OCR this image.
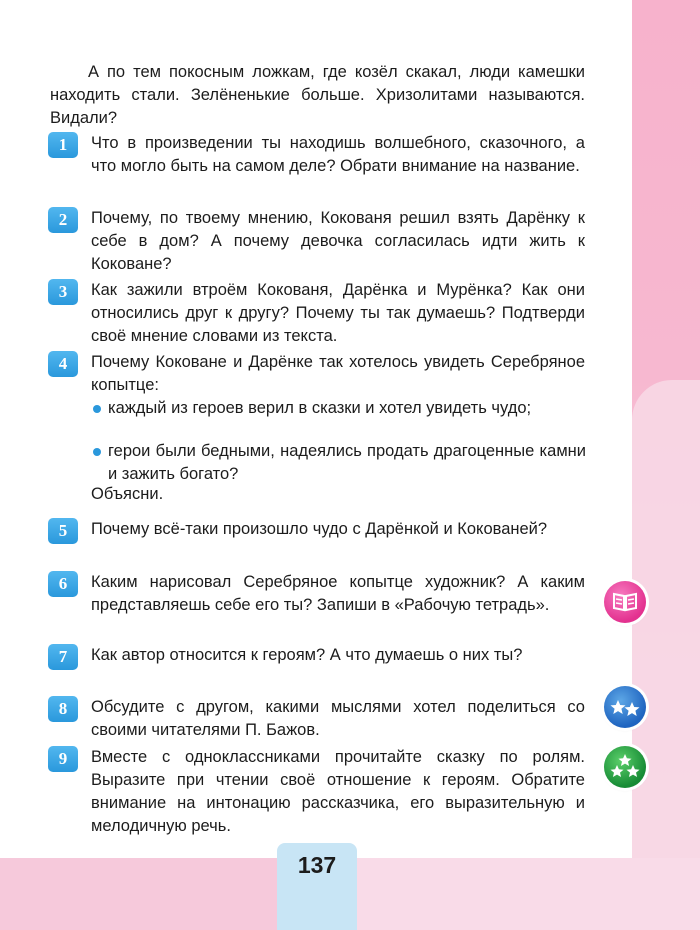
А по тем покосным ложкам, где козёл скакал, люди камешки находить стали. Зелёненькие больше. Хризолитами называются. Видали?
1	Что в произведении ты находишь волшебного, сказочного, а что могло быть на самом деле? Обрати внимание на название.
2	Почему, по твоему мнению, Кокованя решил взять Дарёнку к себе в дом? А почему девочка согласилась идти жить к Коковане?
3	Как зажили втроём Кокованя, Дарёнка и Мурёнка? Как они относились друг к другу? Почему ты так думаешь? Подтверди своё мнение словами из текста.
4	Почему Коковане и Дарёнке так хотелось увидеть Серебряное копытце:
каждый из героев верил в сказки и хотел увидеть чудо;
герои были бедными, надеялись продать драгоценные камни и зажить богато?
Объясни.
5	Почему всё-таки произошло чудо с Дарёнкой и Кокованей?
6	Каким нарисовал Серебряное копытце художник? А каким представляешь себе его ты? Запиши в «Рабочую тетрадь».
7	Как автор относится к героям? А что думаешь о них ты?
8	Обсудите с другом, какими мыслями хотел поделиться со своими читателями П. Бажов.
9	Вместе с одноклассниками прочитайте сказку по ролям. Выразите при чтении своё отношение к героям. Обратите внимание на интонацию рассказчика, его выразительную и мелодичную речь.
137
